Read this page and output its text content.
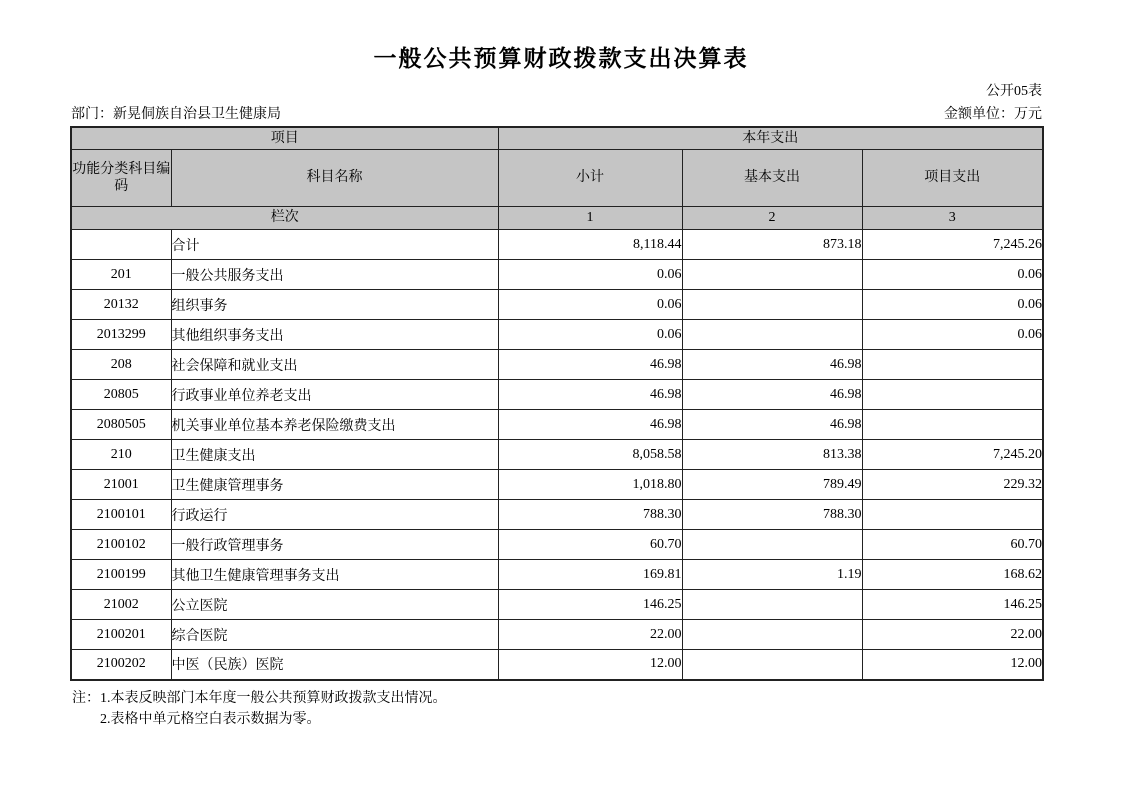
一般公共预算财政拨款支出决算表
公开05表
部门：新晃侗族自治县卫生健康局	金额单位：万元
项目		本年支出		
功能分类科目编码	科目名称	小计	基本支出	项目支出
栏次		1	2	3
	合计	8,118.44	873.18	7,245.26
201	一般公共服务支出	0.06		0.06
20132	组织事务	0.06		0.06
2013299	其他组织事务支出	0.06		0.06
208	社会保障和就业支出	46.98	46.98	
20805	行政事业单位养老支出	46.98	46.98	
2080505	机关事业单位基本养老保险缴费支出	46.98	46.98	
210	卫生健康支出	8,058.58	813.38	7,245.20
21001	卫生健康管理事务	1,018.80	789.49	229.32
2100101	行政运行	788.30	788.30	
2100102	一般行政管理事务	60.70		60.70
2100199	其他卫生健康管理事务支出	169.81	1.19	168.62
21002	公立医院	146.25		146.25
2100201	综合医院	22.00		22.00
2100202	中医（民族）医院	12.00		12.00
注：1.本表反映部门本年度一般公共预算财政拨款支出情况。
2.表格中单元格空白表示数据为零。
